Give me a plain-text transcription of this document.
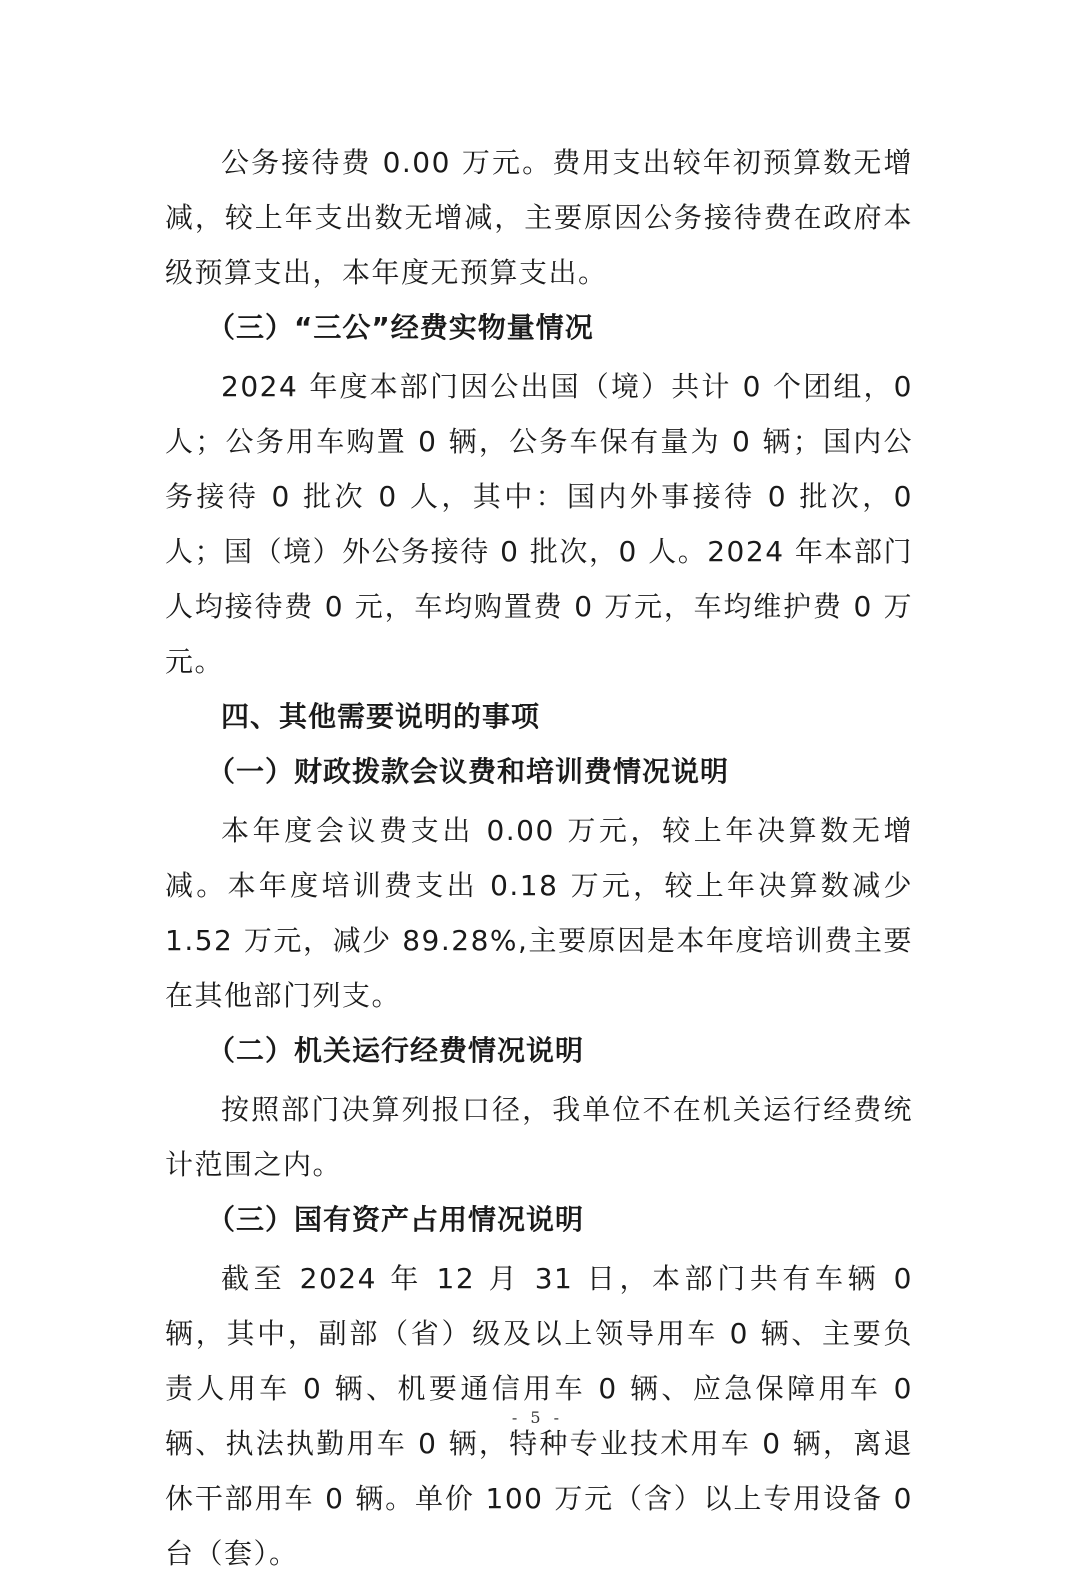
公务接待费 0.00 万元。费用支出较年初预算数无增减，较上年支出数无增减，主要原因公务接待费在政府本级预算支出，本年度无预算支出。

（三）“三公”经费实物量情况

2024 年度本部门因公出国（境）共计 0 个团组，0 人；公务用车购置 0 辆，公务车保有量为 0 辆；国内公务接待 0 批次 0 人，其中：国内外事接待 0 批次，0 人；国（境）外公务接待 0 批次，0 人。2024 年本部门人均接待费 0 元，车均购置费 0 万元，车均维护费 0 万元。

四、其他需要说明的事项

（一）财政拨款会议费和培训费情况说明

本年度会议费支出 0.00 万元，较上年决算数无增减。本年度培训费支出 0.18 万元，较上年决算数减少 1.52 万元，减少 89.28%,主要原因是本年度培训费主要在其他部门列支。

（二）机关运行经费情况说明

按照部门决算列报口径，我单位不在机关运行经费统计范围之内。

（三）国有资产占用情况说明

截至 2024 年 12 月 31 日，本部门共有车辆 0 辆，其中，副部（省）级及以上领导用车 0 辆、主要负责人用车 0 辆、机要通信用车 0 辆、应急保障用车 0 辆、执法执勤用车 0 辆，特种专业技术用车 0 辆，离退休干部用车 0 辆。单价 100 万元（含）以上专用设备 0 台（套）。

- 5 -
